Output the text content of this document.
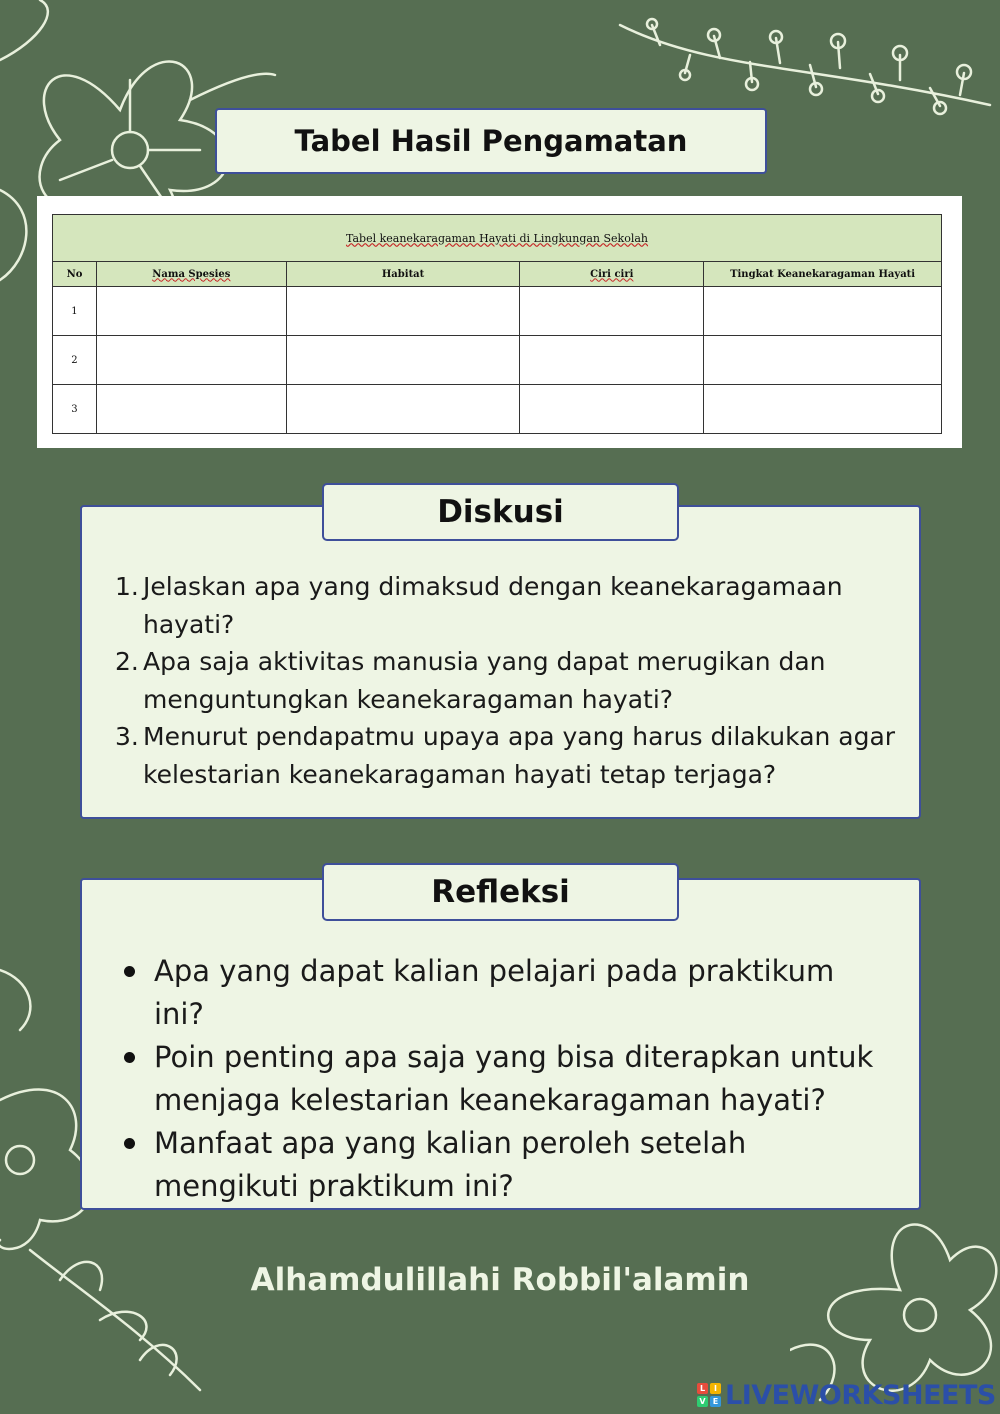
Tabel Hasil Pengamatan
Tabel keanekaragaman Hayati di Lingkungan Sekolah				
No	Nama Spesies	Habitat	Ciri ciri	Tingkat Keanekaragaman Hayati
1				
2				
3				
Diskusi
1. Jelaskan apa yang dimaksud dengan keanekaragamaan hayati?
2. Apa saja aktivitas manusia yang dapat merugikan dan menguntungkan keanekaragaman hayati?
3. Menurut pendapatmu upaya apa yang harus dilakukan agar kelestarian keanekaragaman hayati tetap terjaga?
Refleksi
Apa yang dapat kalian pelajari pada praktikum ini?
Poin penting apa saja yang bisa diterapkan untuk menjaga kelestarian keanekaragaman hayati?
Manfaat apa yang kalian peroleh setelah mengikuti praktikum ini?
Alhamdulillahi Robbil'alamin
L	I
V E LIVEWORKSHEETS
